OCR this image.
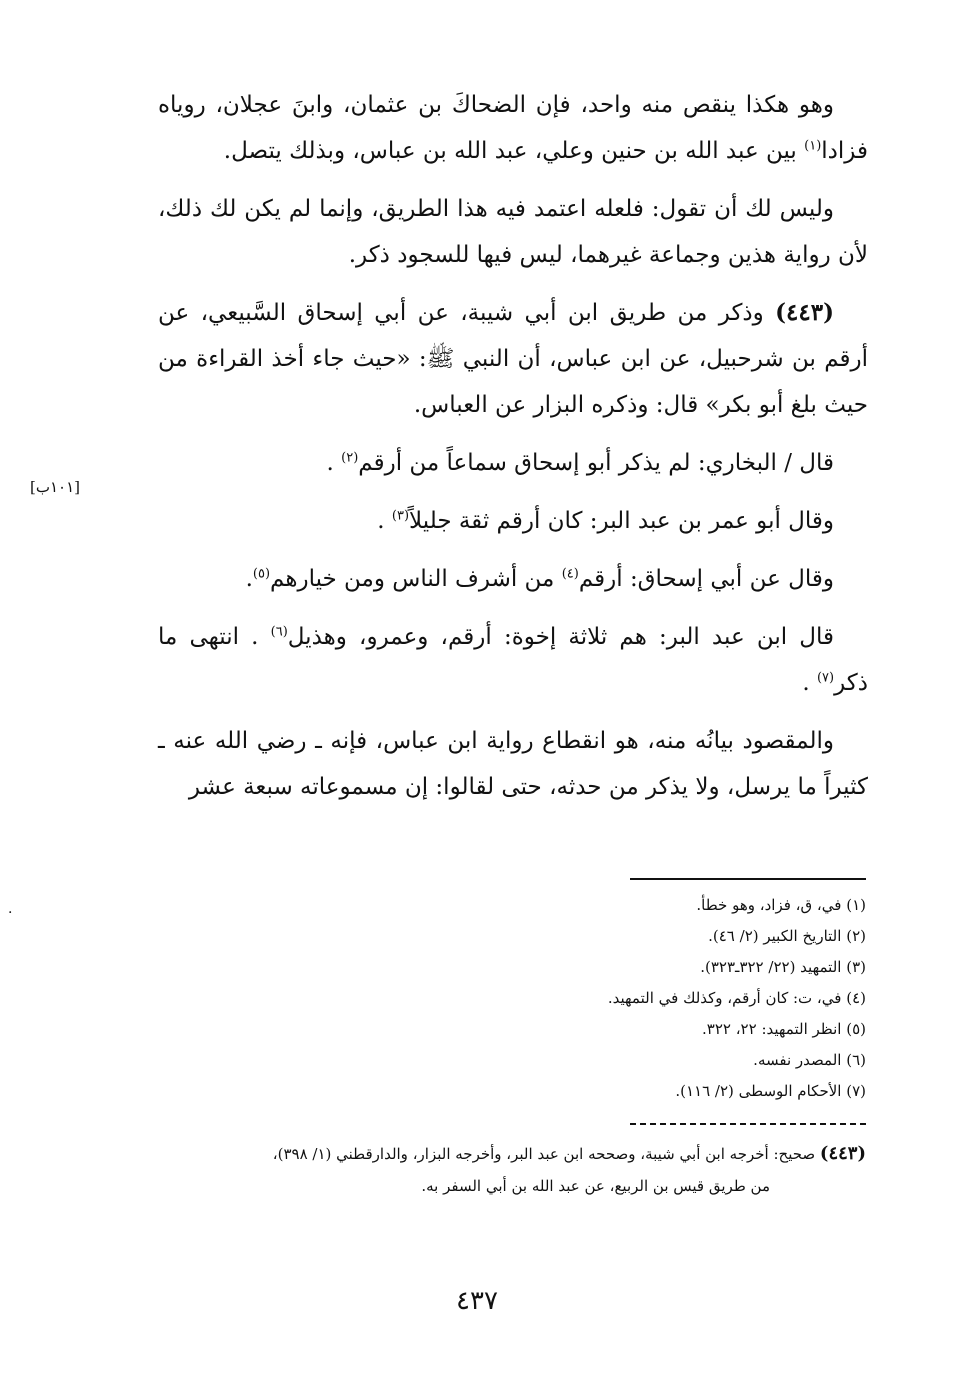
وهو هكذا ينقص منه واحد، فإن الضحاكَ بن عثمان، وابنَ عجلان، روياه فزادا$^{(١)}$ بين عبد الله بن حنين وعلي، عبد الله بن عباس، وبذلك يتصل.

وليس لك أن تقول: فلعله اعتمد فيه هذا الطريق، وإنما لم يكن لك ذلك، لأن رواية هذين وجماعة غيرهما، ليس فيها للسجود ذكر.

(٤٤٣) وذكر من طريق ابن أبي شيبة، عن أبي إسحاق السَّبيعي، عن أرقم بن شرحبيل، عن ابن عباس، أن النبي ﷺ: «حيث جاء أخذ القراءة من حيث بلغ أبو بكر» قال: وذكره البزار عن العباس.

قال / البخاري: لم يذكر أبو إسحاق سماعاً من أرقم$^{(٢)}$ .

وقال أبو عمر بن عبد البر: كان أرقم ثقة جليلاً$^{(٣)}$ .

وقال عن أبي إسحاق: أرقم$^{(٤)}$ من أشرف الناس ومن خيارهم$^{(٥)}$.

قال ابن عبد البر: هم ثلاثة إخوة: أرقم، وعمرو، وهذيل$^{(٦)}$ . انتهى ما ذكر$^{(٧)}$ .

والمقصود بيانُه منه، هو انقطاع رواية ابن عباس، فإنه ـ رضي الله عنه ـ كثيراً ما يرسل، ولا يذكر من حدثه، حتى لقالوا: إن مسموعاته سبعة عشر

[١٠١ب]
·	(١) في، ق، فزاد، وهو خطأ.
(٢) التاريخ الكبير (٢/ ٤٦).
(٣) التمهيد (٢٢/ ٣٢٢ـ٣٢٣).
(٤) في، ت: كان أرقم، وكذلك في التمهيد.
(٥) انظر التمهيد: ٢٢، ٣٢٢.
(٦) المصدر نفسه.
(٧) الأحكام الوسطى (٢/ ١١٦).
(٤٤٣) صحيح: أخرجه ابن أبي شيبة، وصححه ابن عبد البر، وأخرجه البزار، والدارقطني (١/ ٣٩٨)،
من طريق قيس بن الربيع، عن عبد الله بن أبي السفر به.
٤٣٧
